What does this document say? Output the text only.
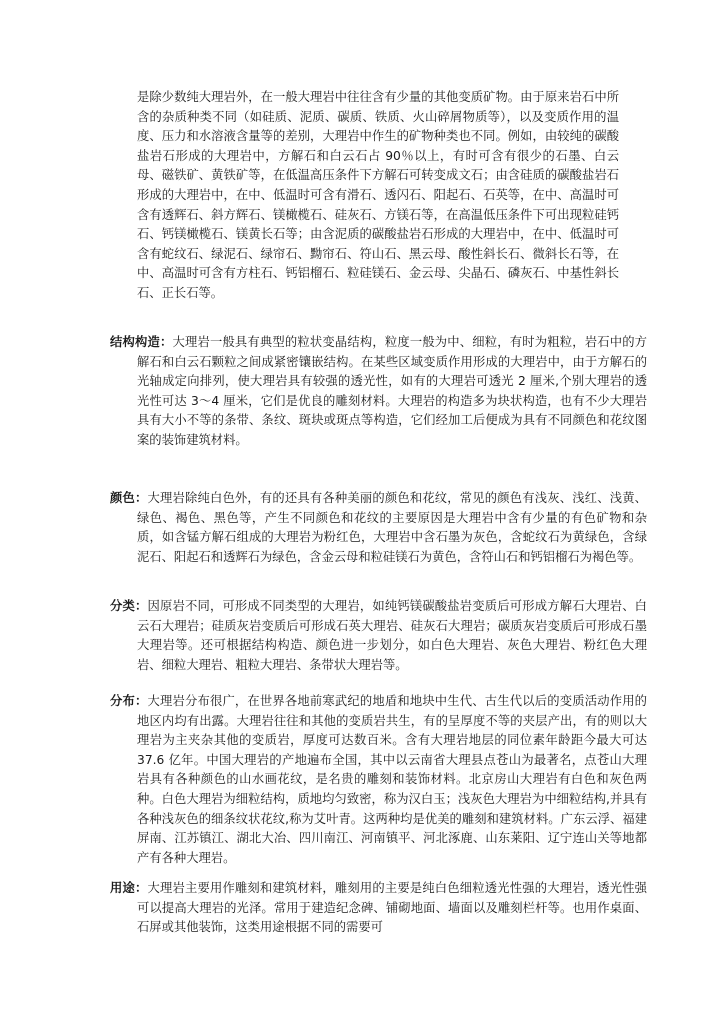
是除少数纯大理岩外，在一般大理岩中往往含有少量的其他变质矿物。由于原来岩石中所含的杂质种类不同（如硅质、泥质、碳质、铁质、火山碎屑物质等），以及变质作用的温度、压力和水溶液含量等的差别，大理岩中作生的矿物种类也不同。例如，由较纯的碳酸盐岩石形成的大理岩中，方解石和白云石占 90％以上，有时可含有很少的石墨、白云母、磁铁矿、黄铁矿等，在低温高压条件下方解石可转变成文石；由含硅质的碳酸盐岩石形成的大理岩中，在中、低温时可含有滑石、透闪石、阳起石、石英等，在中、高温时可含有透辉石、斜方辉石、镁橄榄石、硅灰石、方镁石等，在高温低压条件下可出现粒硅钙石、钙镁橄榄石、镁黄长石等；由含泥质的碳酸盐岩石形成的大理岩中，在中、低温时可含有蛇纹石、绿泥石、绿帘石、黝帘石、符山石、黑云母、酸性斜长石、微斜长石等，在中、高温时可含有方柱石、钙铝榴石、粒硅镁石、金云母、尖晶石、磷灰石、中基性斜长石、正长石等。

结构构造：大理岩一般具有典型的粒状变晶结构，粒度一般为中、细粒，有时为粗粒，岩石中的方解石和白云石颗粒之间成紧密镶嵌结构。在某些区域变质作用形成的大理岩中，由于方解石的光轴成定向排列，使大理岩具有较强的透光性，如有的大理岩可透光 2 厘米,个别大理岩的透光性可达 3～4 厘米，它们是优良的雕刻材料。大理岩的构造多为块状构造，也有不少大理岩具有大小不等的条带、条纹、斑块或斑点等构造，它们经加工后便成为具有不同颜色和花纹图案的装饰建筑材料。

颜色：大理岩除纯白色外，有的还具有各种美丽的颜色和花纹，常见的颜色有浅灰、浅红、浅黄、绿色、褐色、黑色等，产生不同颜色和花纹的主要原因是大理岩中含有少量的有色矿物和杂质，如含锰方解石组成的大理岩为粉红色，大理岩中含石墨为灰色，含蛇纹石为黄绿色，含绿泥石、阳起石和透辉石为绿色，含金云母和粒硅镁石为黄色，含符山石和钙铝榴石为褐色等。

分类：因原岩不同，可形成不同类型的大理岩，如纯钙镁碳酸盐岩变质后可形成方解石大理岩、白云石大理岩；硅质灰岩变质后可形成石英大理岩、硅灰石大理岩；碳质灰岩变质后可形成石墨大理岩等。还可根据结构构造、颜色进一步划分，如白色大理岩、灰色大理岩、粉红色大理岩、细粒大理岩、粗粒大理岩、条带状大理岩等。

分布：大理岩分布很广，在世界各地前寒武纪的地盾和地块中生代、古生代以后的变质活动作用的地区内均有出露。大理岩往往和其他的变质岩共生，有的呈厚度不等的夹层产出，有的则以大理岩为主夹杂其他的变质岩，厚度可达数百米。含有大理岩地层的同位素年龄距今最大可达 37.6 亿年。中国大理岩的产地遍布全国，其中以云南省大理县点苍山为最著名，点苍山大理岩具有各种颜色的山水画花纹，是名贵的雕刻和装饰材料。北京房山大理岩有白色和灰色两种。白色大理岩为细粒结构，质地均匀致密，称为汉白玉；浅灰色大理岩为中细粒结构,并具有各种浅灰色的细条纹状花纹,称为艾叶青。这两种均是优美的雕刻和建筑材料。广东云浮、福建屏南、江苏镇江、湖北大冶、四川南江、河南镇平、河北涿鹿、山东莱阳、辽宁连山关等地都产有各种大理岩。

用途：大理岩主要用作雕刻和建筑材料，雕刻用的主要是纯白色细粒透光性强的大理岩，透光性强可以提高大理岩的光泽。常用于建造纪念碑、铺砌地面、墙面以及雕刻栏杆等。也用作桌面、石屏或其他装饰，这类用途根据不同的需要可
